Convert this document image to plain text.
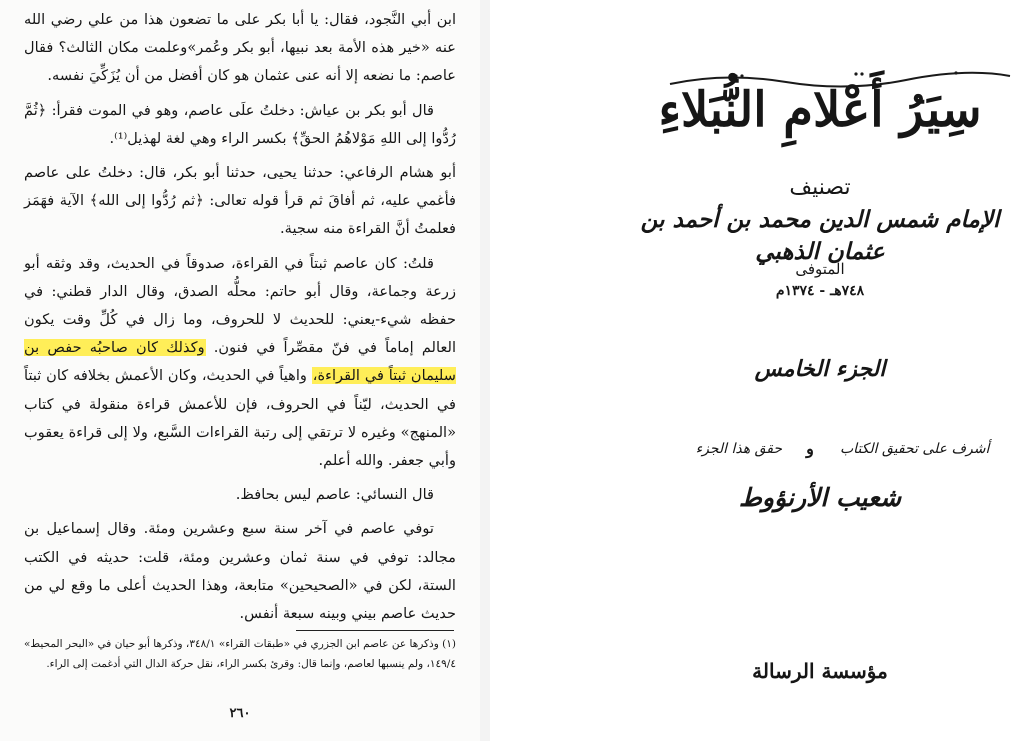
ابن أبي النَّجود، فقال: يا أبا بكر على ما تضعون هذا من علي رضي الله عنه «خير هذه الأمة بعد نبيها، أبو بكر وعُمر»وعلمت مكان الثالث؟ فقال عاصم: ما نضعه إلا أنه عنى عثمان هو كان أفضل من أن يُزَكِّيَ نفسه.

قال أبو بكر بن عياش: دخلتُ علَى عاصم، وهو في الموت فقرأ: ﴿ثُمَّ رُدُّوا إلى اللهِ مَوْلاهُمُ الحقِّ﴾ بكسر الراء وهي لغة لهذيل⁽¹⁾.

أبو هشام الرفاعي: حدثنا يحيى، حدثنا أبو بكر، قال: دخلتُ على عاصم فأغمي عليه، ثم أفاقَ ثم قرأ قوله تعالى: ﴿ثم رُدُّوا إلى الله﴾ الآية فهَمَز فعلمتُ أنَّ القراءة منه سجية.

قلتُ: كان عاصم ثبتاً في القراءة، صدوقاً في الحديث، وقد وثقه أبو زرعة وجماعة، وقال أبو حاتم: محلُّه الصدق، وقال الدار قطني: في حفظه شيء-يعني: للحديث لا للحروف، وما زال في كُلِّ وقت يكون العالم إماماً في فنّ مقصِّراً في فنون. وكذلك كان صاحبُه حفص بن سليمان ثبتاً في القراءة، واهياً في الحديث، وكان الأعمش بخلافه كان ثبتاً في الحديث، ليّناً في الحروف، فإن للأعمش قراءة منقولة في كتاب «المنهج» وغيره لا ترتقي إلى رتبة القراءات السَّبع، ولا إلى قراءة يعقوب وأبي جعفر. والله أعلم.

قال النسائي: عاصم ليس بحافظ.

توفي عاصم في آخر سنة سبع وعشرين ومئة. وقال إسماعيل بن مجالد: توفي في سنة ثمان وعشرين ومئة، قلت: حديثه في الكتب الستة، لكن في «الصحيحين» متابعة، وهذا الحديث أعلى ما وقع لي من حديث عاصم بيني وبينه سبعة أنفس.

(١) وذكرها عن عاصم ابن الجزري في «طبقات القراء» ٣٤٨/١، وذكرها أبو حيان في «البحر المحيط» ١٤٩/٤، ولم ينسبها لعاصم، وإنما قال: وقرئ بكسر الراء، نقل حركة الدال التي أدغمت إلى الراء.
٢٦٠
سِيَرُ أَعْلامِ النُّبَلاءِ
تصنيف
الإمام شمس الدين محمد بن أحمد بن عثمان الذهبي
المتوفى
٧٤٨هـ - ١٣٧٤م
الجزء الخامس
أشرف على تحقيق الكتاب
و
حقق هذا الجزء
شعيب الأرنؤوط
مؤسسة الرسالة
